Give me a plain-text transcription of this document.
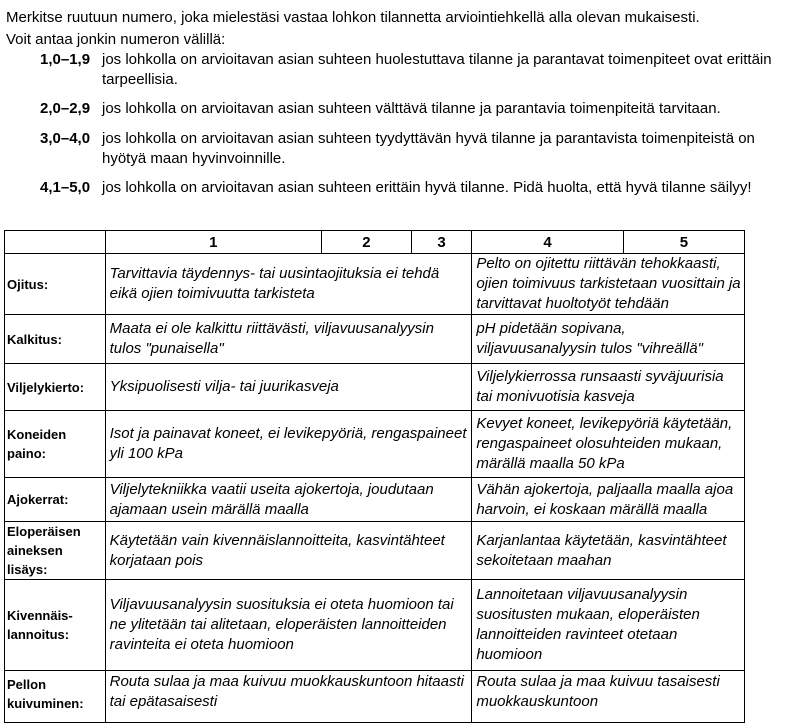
Merkitse ruutuun numero, joka mielestäsi vastaa lohkon tilannetta arviointiehkellä alla olevan mukaisesti.

Voit antaa jonkin numeron välillä:

1,0–1,9 jos lohkolla on arvioitavan asian suhteen huolestuttava tilanne ja parantavat toimenpiteet ovat erittäin tarpeellisia.
2,0–2,9 jos lohkolla on arvioitavan asian suhteen välttävä tilanne ja parantavia toimenpiteitä tarvitaan.
3,0–4,0 jos lohkolla on arvioitavan asian suhteen tyydyttävän hyvä tilanne ja parantavista toimenpiteistä on hyötyä maan hyvinvoinnille.
4,1–5,0 jos lohkolla on arvioitavan asian suhteen erittäin hyvä tilanne. Pidä huolta, että hyvä tilanne säilyy!
	1	2	3	4	5
Ojitus:	Tarvittavia täydennys- tai uusintaojituksia ei tehdä eikä ojien toimivuutta tarkisteta			Pelto on ojitettu riittävän tehokkaasti, ojien toimivuus tarkistetaan vuosittain ja tarvittavat huoltotyöt tehdään	
Kalkitus:	Maata ei ole kalkittu riittävästi, viljavuusanalyysin tulos "punaisella"			pH pidetään sopivana, viljavuusanalyysin tulos "vihreällä"	
Viljelykierto:	Yksipuolisesti vilja- tai juurikasveja			Viljelykierrossa runsaasti syväjuurisia tai monivuotisia kasveja	
Koneiden paino:	Isot ja painavat koneet, ei levikepyöriä, rengaspaineet yli 100 kPa			Kevyet koneet, levikepyöriä käytetään, rengaspaineet olosuhteiden mukaan, märällä maalla 50 kPa	
Ajokerrat:	Viljelytekniikka vaatii useita ajokertoja, joudutaan ajamaan usein märällä maalla			Vähän ajokertoja, paljaalla maalla ajoa harvoin, ei koskaan märällä maalla	
Eloperäisen aineksen lisäys:	Käytetään vain kivennäislannoitteita, kasvintähteet korjataan pois			Karjanlantaa käytetään, kasvintähteet sekoitetaan maahan	
Kivennäis-lannoitus:	Viljavuusanalyysin suosituksia ei oteta huomioon tai ne ylitetään tai alitetaan, eloperäisten lannoitteiden ravinteita ei oteta huomioon			Lannoitetaan viljavuusanalyysin suositusten mukaan, eloperäisten lannoitteiden ravinteet otetaan huomioon	
Pellon kuivuminen:	Routa sulaa ja maa kuivuu muokkauskuntoon hitaasti tai epätasaisesti			Routa sulaa ja maa kuivuu tasaisesti muokkauskuntoon	
